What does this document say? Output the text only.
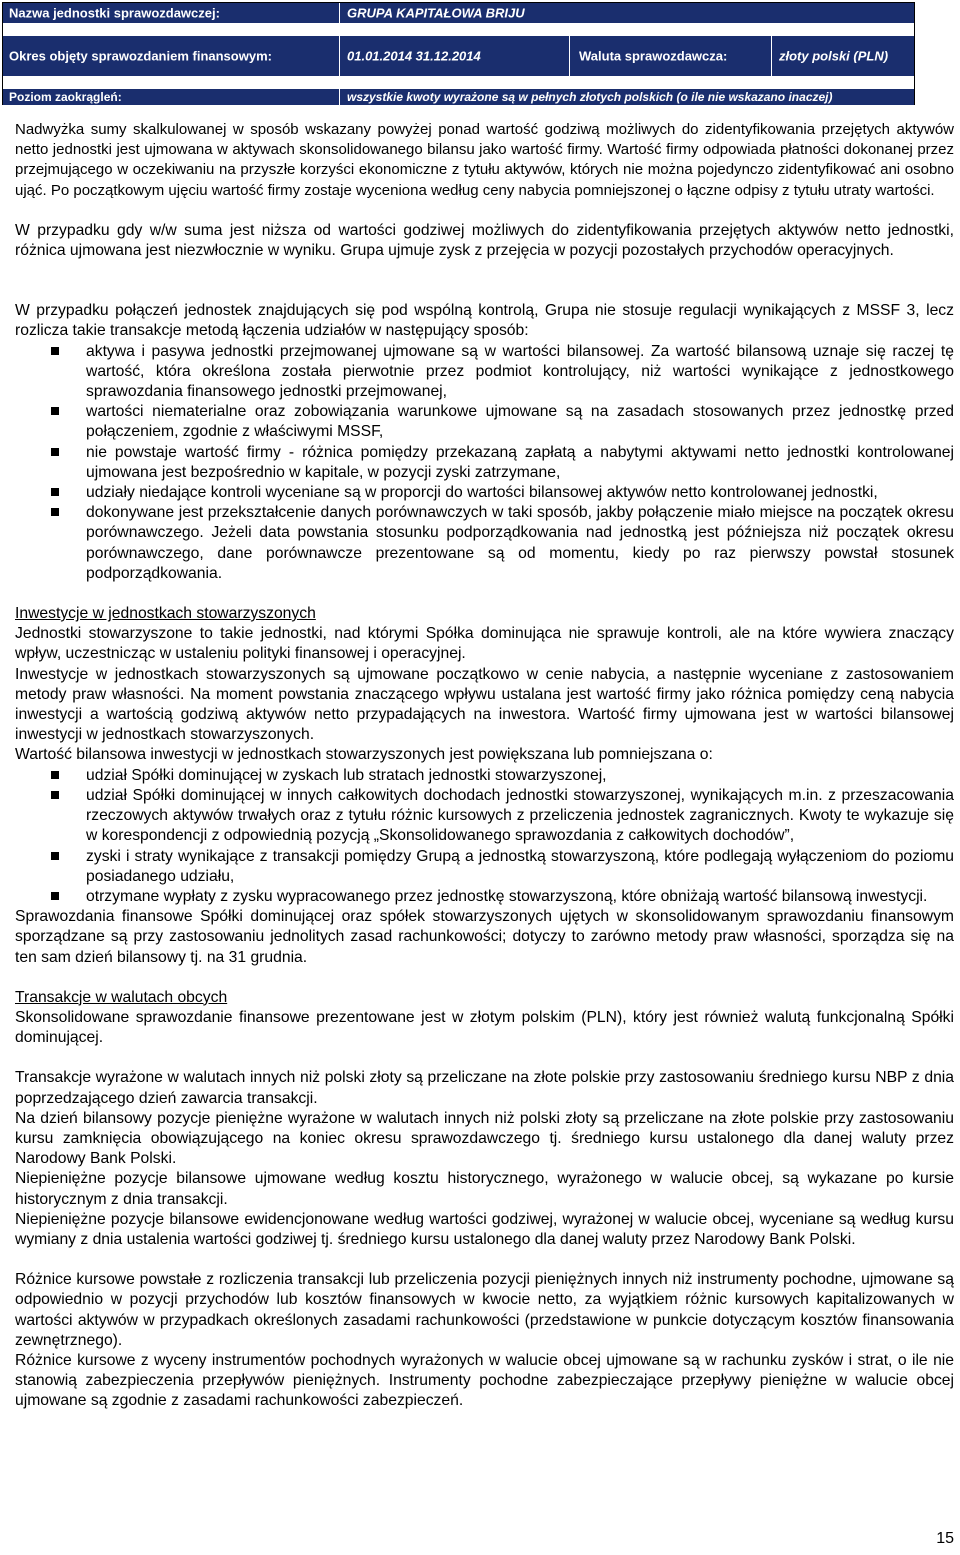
Nazwa jednostki sprawozdawczej:	GRUPA KAPITAŁOWA BRIJU
Okres objęty sprawozdaniem finansowym:	01.01.2014 31.12.2014	Waluta sprawozdawcza:	złoty polski (PLN)
Poziom zaokrągleń:	wszystkie kwoty wyrażone są w pełnych złotych polskich (o ile nie wskazano inaczej)

Nadwyżka sumy skalkulowanej w sposób wskazany powyżej ponad wartość godziwą możliwych do zidentyfikowania przejętych aktywów netto jednostki jest ujmowana w aktywach skonsolidowanego bilansu jako wartość firmy. Wartość firmy odpowiada płatności dokonanej przez przejmującego w oczekiwaniu na przyszłe korzyści ekonomiczne z tytułu aktywów, których nie można pojedynczo zidentyfikować ani osobno ująć. Po początkowym ujęciu wartość firmy zostaje wyceniona według ceny nabycia pomniejszonej o łączne odpisy z tytułu utraty wartości.

W przypadku gdy w/w suma jest niższa od wartości godziwej możliwych do zidentyfikowania przejętych aktywów netto jednostki, różnica ujmowana jest niezwłocznie w wyniku. Grupa ujmuje zysk z przejęcia w pozycji pozostałych przychodów operacyjnych.

W przypadku połączeń jednostek znajdujących się pod wspólną kontrolą, Grupa nie stosuje regulacji wynikających z MSSF 3, lecz rozlicza takie transakcje metodą łączenia udziałów w następujący sposób:

aktywa i pasywa jednostki przejmowanej ujmowane są w wartości bilansowej. Za wartość bilansową uznaje się raczej tę wartość, która określona została pierwotnie przez podmiot kontrolujący, niż wartości wynikające z jednostkowego sprawozdania finansowego jednostki przejmowanej,
wartości niematerialne oraz zobowiązania warunkowe ujmowane są na zasadach stosowanych przez jednostkę przed połączeniem, zgodnie z właściwymi MSSF,
nie powstaje wartość firmy - różnica pomiędzy przekazaną zapłatą a nabytymi aktywami netto jednostki kontrolowanej ujmowana jest bezpośrednio w kapitale, w pozycji zyski zatrzymane,
udziały niedające kontroli wyceniane są w proporcji do wartości bilansowej aktywów netto kontrolowanej jednostki,
dokonywane jest przekształcenie danych porównawczych w taki sposób, jakby połączenie miało miejsce na początek okresu porównawczego. Jeżeli data powstania stosunku podporządkowania nad jednostką jest późniejsza niż początek okresu porównawczego, dane porównawcze prezentowane są od momentu, kiedy po raz pierwszy powstał stosunek podporządkowania.

Inwestycje w jednostkach stowarzyszonych

Jednostki stowarzyszone to takie jednostki, nad którymi Spółka dominująca nie sprawuje kontroli, ale na które wywiera znaczący wpływ, uczestnicząc w ustaleniu polityki finansowej i operacyjnej.

Inwestycje w jednostkach stowarzyszonych są ujmowane początkowo w cenie nabycia, a następnie wyceniane z zastosowaniem metody praw własności. Na moment powstania znaczącego wpływu ustalana jest wartość firmy jako różnica pomiędzy ceną nabycia inwestycji a wartością godziwą aktywów netto przypadających na inwestora. Wartość firmy ujmowana jest w wartości bilansowej inwestycji w jednostkach stowarzyszonych.

Wartość bilansowa inwestycji w jednostkach stowarzyszonych jest powiększana lub pomniejszana o:

udział Spółki dominującej w zyskach lub stratach jednostki stowarzyszonej,
udział Spółki dominującej w innych całkowitych dochodach jednostki stowarzyszonej, wynikających m.in. z przeszacowania rzeczowych aktywów trwałych oraz z tytułu różnic kursowych z przeliczenia jednostek zagranicznych. Kwoty te wykazuje się w korespondencji z odpowiednią pozycją „Skonsolidowanego sprawozdania z całkowitych dochodów”,
zyski i straty wynikające z transakcji pomiędzy Grupą a jednostką stowarzyszoną, które podlegają wyłączeniom do poziomu posiadanego udziału,
otrzymane wypłaty z zysku wypracowanego przez jednostkę stowarzyszoną, które obniżają wartość bilansową inwestycji.

Sprawozdania finansowe Spółki dominującej oraz spółek stowarzyszonych ujętych w skonsolidowanym sprawozdaniu finansowym sporządzane są przy zastosowaniu jednolitych zasad rachunkowości; dotyczy to zarówno metody praw własności, sporządza się na ten sam dzień bilansowy tj. na 31 grudnia.

Transakcje w walutach obcych

Skonsolidowane sprawozdanie finansowe prezentowane jest w złotym polskim (PLN), który jest również walutą funkcjonalną Spółki dominującej.

Transakcje wyrażone w walutach innych niż polski złoty są przeliczane na złote polskie przy zastosowaniu średniego kursu NBP z dnia poprzedzającego dzień zawarcia transakcji.

Na dzień bilansowy pozycje pieniężne wyrażone w walutach innych niż polski złoty są przeliczane na złote polskie przy zastosowaniu kursu zamknięcia obowiązującego na koniec okresu sprawozdawczego tj. średniego kursu ustalonego dla danej waluty przez Narodowy Bank Polski.

Niepieniężne pozycje bilansowe ujmowane według kosztu historycznego, wyrażonego w walucie obcej, są wykazane po kursie historycznym z dnia transakcji.

Niepieniężne pozycje bilansowe ewidencjonowane według wartości godziwej, wyrażonej w walucie obcej, wyceniane są według kursu wymiany z dnia ustalenia wartości godziwej tj. średniego kursu ustalonego dla danej waluty przez Narodowy Bank Polski.

Różnice kursowe powstałe z rozliczenia transakcji lub przeliczenia pozycji pieniężnych innych niż instrumenty pochodne, ujmowane są odpowiednio w pozycji przychodów lub kosztów finansowych w kwocie netto, za wyjątkiem różnic kursowych kapitalizowanych w wartości aktywów w przypadkach określonych zasadami rachunkowości (przedstawione w punkcie dotyczącym kosztów finansowania zewnętrznego).

Różnice kursowe z wyceny instrumentów pochodnych wyrażonych w walucie obcej ujmowane są w rachunku zysków i strat, o ile nie stanowią zabezpieczenia przepływów pieniężnych. Instrumenty pochodne zabezpieczające przepływy pieniężne w walucie obcej ujmowane są zgodnie z zasadami rachunkowości zabezpieczeń.

15
